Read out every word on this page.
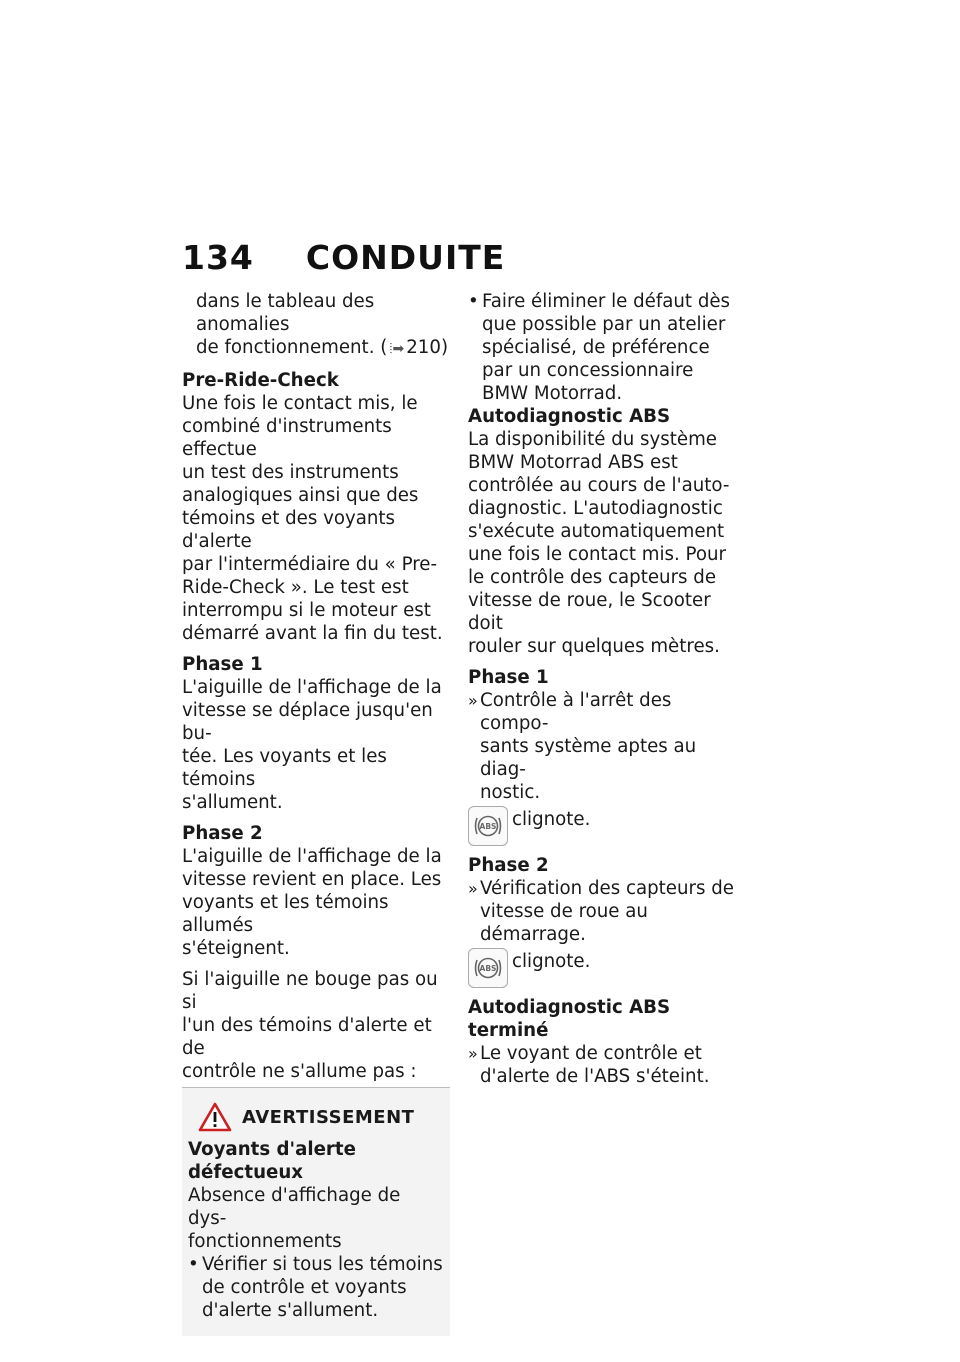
134 CONDUITE
dans le tableau des anomalies
de fonctionnement. ( ⦙➡ 210)
Pre-Ride-Check
Une fois le contact mis, le
combiné d'instruments effectue
un test des instruments
analogiques ainsi que des
témoins et des voyants d'alerte
par l'intermédiaire du « Pre-
Ride-Check ». Le test est
interrompu si le moteur est
démarré avant la fin du test.
Phase 1
L'aiguille de l'affichage de la
vitesse se déplace jusqu'en bu-
tée. Les voyants et les témoins
s'allument.
Phase 2
L'aiguille de l'affichage de la
vitesse revient en place. Les
voyants et les témoins allumés
s'éteignent.
Si l'aiguille ne bouge pas ou si
l'un des témoins d'alerte et de
contrôle ne s'allume pas :
AVERTISSEMENT
Voyants d'alerte défectueux
Absence d'affichage de dys-
fonctionnements
• Vérifier si tous les témoins
de contrôle et voyants
d'alerte s'allument.
• Faire éliminer le défaut dès
que possible par un atelier
spécialisé, de préférence
par un concessionnaire
BMW Motorrad.
Autodiagnostic ABS
La disponibilité du système
BMW Motorrad ABS est
contrôlée au cours de l'auto-
diagnostic. L'autodiagnostic
s'exécute automatiquement
une fois le contact mis. Pour
le contrôle des capteurs de
vitesse de roue, le Scooter doit
rouler sur quelques mètres.
Phase 1
» Contrôle à l'arrêt des compo-
sants système aptes au diag-
nostic.
ABS clignote.
Phase 2
» Vérification des capteurs de
vitesse de roue au démarrage.
ABS clignote.
Autodiagnostic ABS terminé
» Le voyant de contrôle et
d'alerte de l'ABS s'éteint.
